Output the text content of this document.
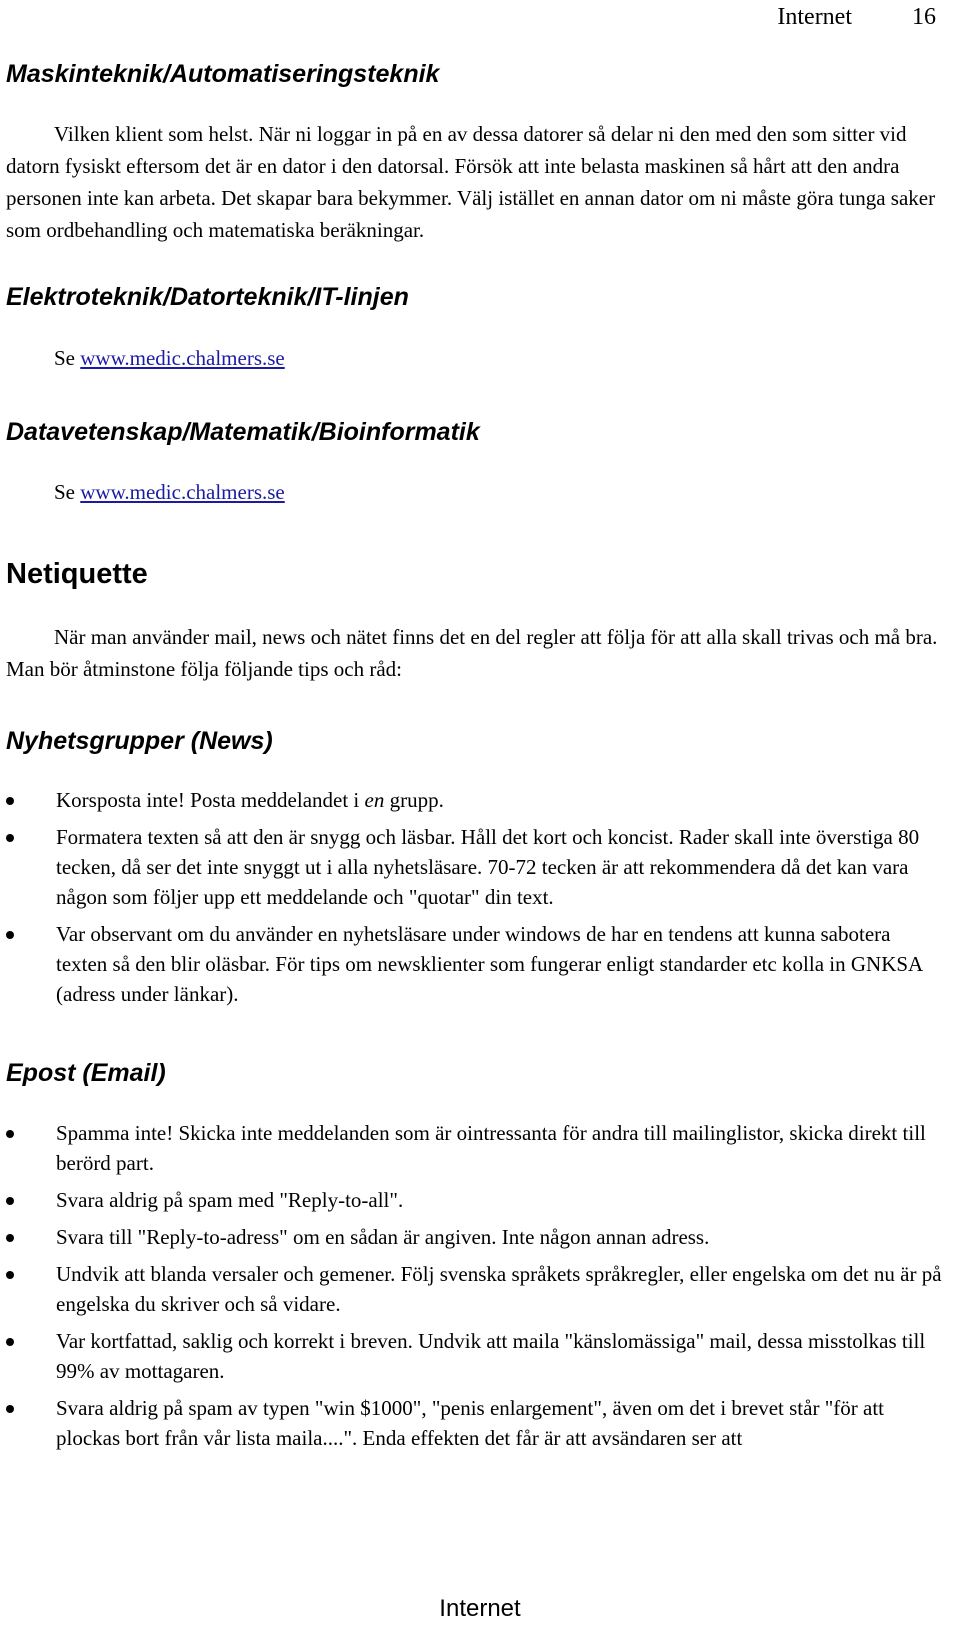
Internet	16
Maskinteknik/Automatiseringsteknik
Vilken klient som helst. När ni loggar in på en av dessa datorer så delar ni den med den som sitter vid datorn fysiskt eftersom det är en dator i den datorsal. Försök att inte belasta maskinen så hårt att den andra personen inte kan arbeta. Det skapar bara bekymmer. Välj istället en annan dator om ni måste göra tunga saker som ordbehandling och matematiska beräkningar.
Elektroteknik/Datorteknik/IT-linjen
Se www.medic.chalmers.se
Datavetenskap/Matematik/Bioinformatik
Se www.medic.chalmers.se
Netiquette
När man använder mail, news och nätet finns det en del regler att följa för att alla skall trivas och må bra. Man bör åtminstone följa följande tips och råd:
Nyhetsgrupper (News)
Korsposta inte! Posta meddelandet i en grupp.
Formatera texten så att den är snygg och läsbar. Håll det kort och koncist. Rader skall inte överstiga 80 tecken, då ser det inte snyggt ut i alla nyhetsläsare. 70-72 tecken är att rekommendera då det kan vara någon som följer upp ett meddelande och "quotar" din text.
Var observant om du använder en nyhetsläsare under windows de har en tendens att kunna sabotera texten så den blir oläsbar. För tips om newsklienter som fungerar enligt standarder etc kolla in GNKSA (adress under länkar).
Epost (Email)
Spamma inte! Skicka inte meddelanden som är ointressanta för andra till mailinglistor, skicka direkt till berörd part.
Svara aldrig på spam med "Reply-to-all".
Svara till "Reply-to-adress" om en sådan är angiven. Inte någon annan adress.
Undvik att blanda versaler och gemener. Följ svenska språkets språkregler, eller engelska om det nu är på engelska du skriver och så vidare.
Var kortfattad, saklig och korrekt i breven. Undvik att maila "känslomässiga" mail, dessa misstolkas till 99% av mottagaren.
Svara aldrig på spam av typen "win $1000", "penis enlargement", även om det i brevet står "för att plockas bort från vår lista maila....". Enda effekten det får är att avsändaren ser att
Internet
